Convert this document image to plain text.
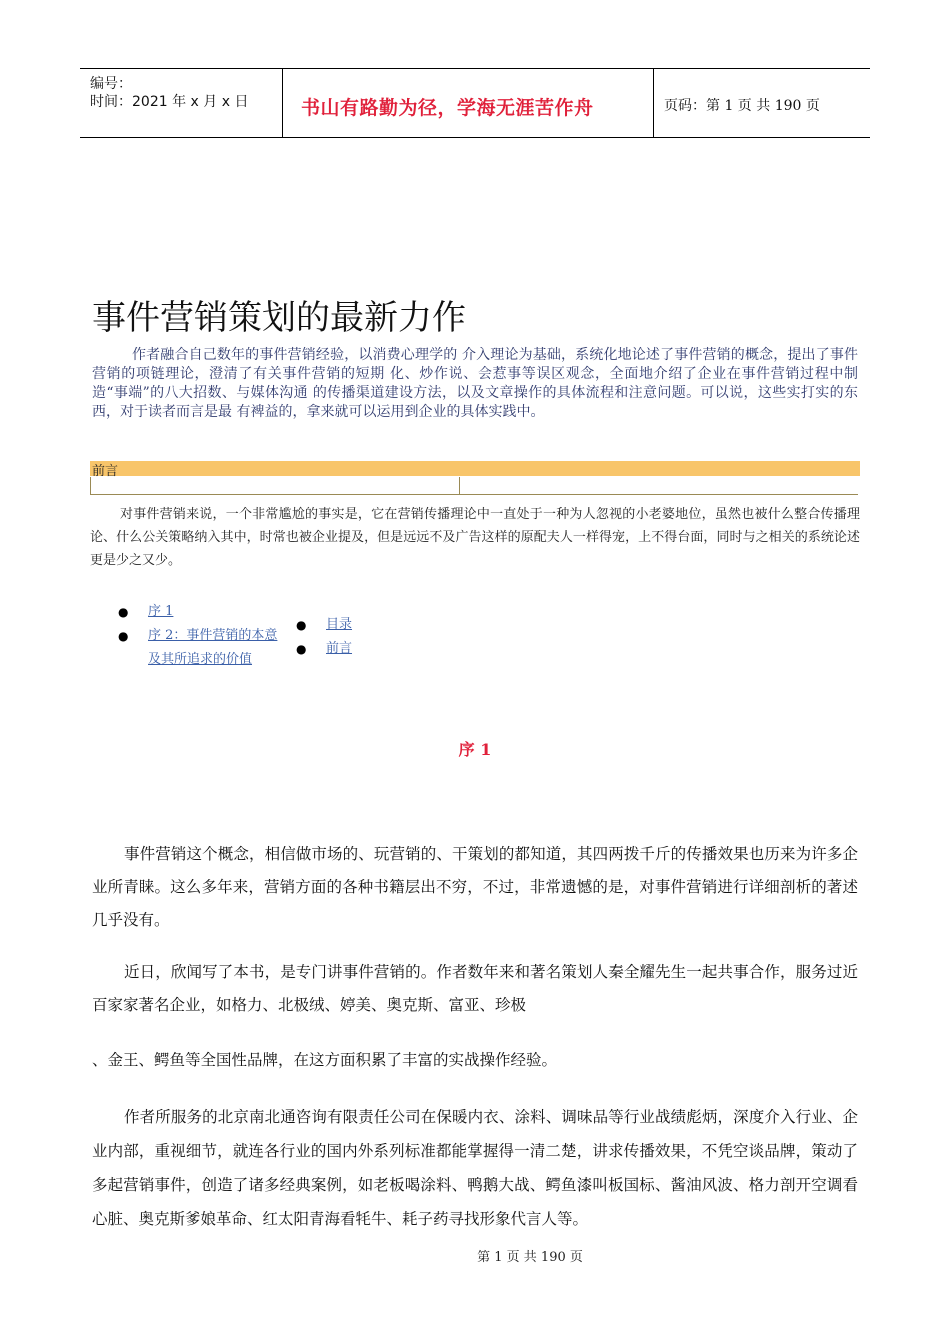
编号：
时间：2021 年 x 月 x 日	书山有路勤为径，学海无涯苦作舟	页码：第 1 页 共 190 页
事件营销策划的最新力作
作者融合自己数年的事件营销经验，以消费心理学的 介入理论为基础，系统化地论述了事件营销的概念，提出了事件营销的项链理论，澄清了有关事件营销的短期 化、炒作说、会惹事等误区观念，全面地介绍了企业在事件营销过程中制造“事端”的八大招数、与媒体沟通 的传播渠道建设方法，以及文章操作的具体流程和注意问题。可以说，这些实打实的东西，对于读者而言是最 有裨益的，拿来就可以运用到企业的具体实践中。
前言
对事件营销来说，一个非常尴尬的事实是，它在营销传播理论中一直处于一种为人忽视的小老婆地位，虽然也被什么整合传播理论、什么公关策略纳入其中，时常也被企业提及，但是远远不及广告这样的原配夫人一样得宠，上不得台面，同时与之相关的系统论述更是少之又少。
● 序 1
● 序 2：事件营销的本意及其所追求的价值
● 目录
● 前言
序 1
事件营销这个概念，相信做市场的、玩营销的、干策划的都知道，其四两拨千斤的传播效果也历来为许多企业所青睐。这么多年来，营销方面的各种书籍层出不穷，不过，非常遗憾的是，对事件营销进行详细剖析的著述几乎没有。
近日，欣闻写了本书，是专门讲事件营销的。作者数年来和著名策划人秦全耀先生一起共事合作，服务过近百家家著名企业，如格力、北极绒、婷美、奥克斯、富亚、珍极
、金王、鳄鱼等全国性品牌，在这方面积累了丰富的实战操作经验。
作者所服务的北京南北通咨询有限责任公司在保暖内衣、涂料、调味品等行业战绩彪炳，深度介入行业、企业内部，重视细节，就连各行业的国内外系列标准都能掌握得一清二楚，讲求传播效果，不凭空谈品牌，策动了多起营销事件，创造了诸多经典案例，如老板喝涂料、鸭鹅大战、鳄鱼漆叫板国标、酱油风波、格力剖开空调看心脏、奥克斯爹娘革命、红太阳青海看牦牛、耗子药寻找形象代言人等。
第 1 页 共 190 页
